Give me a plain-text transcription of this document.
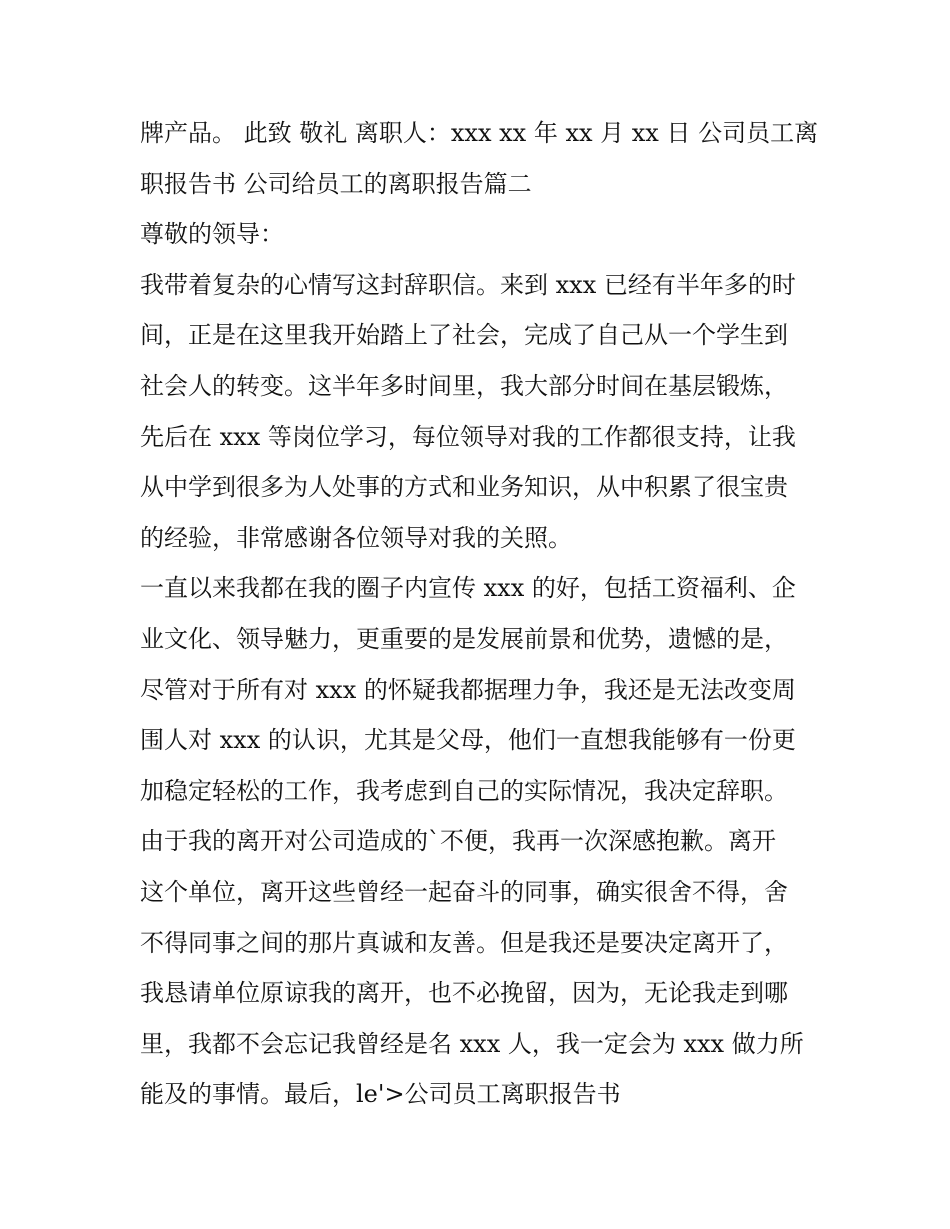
牌产品。 此致 敬礼 离职人：xxx xx 年 xx 月 xx 日 公司员工离
职报告书 公司给员工的离职报告篇二
尊敬的领导：
我带着复杂的心情写这封辞职信。来到 xxx 已经有半年多的时
间，正是在这里我开始踏上了社会，完成了自己从一个学生到
社会人的转变。这半年多时间里，我大部分时间在基层锻炼，
先后在 xxx 等岗位学习，每位领导对我的工作都很支持，让我
从中学到很多为人处事的方式和业务知识，从中积累了很宝贵
的经验，非常感谢各位领导对我的关照。
一直以来我都在我的圈子内宣传 xxx 的好，包括工资福利、企
业文化、领导魅力，更重要的是发展前景和优势，遗憾的是，
尽管对于所有对 xxx 的怀疑我都据理力争，我还是无法改变周
围人对 xxx 的认识，尤其是父母，他们一直想我能够有一份更
加稳定轻松的工作，我考虑到自己的实际情况，我决定辞职。
由于我的离开对公司造成的`不便，我再一次深感抱歉。离开
这个单位，离开这些曾经一起奋斗的同事，确实很舍不得，舍
不得同事之间的那片真诚和友善。但是我还是要决定离开了，
我恳请单位原谅我的离开，也不必挽留，因为，无论我走到哪
里，我都不会忘记我曾经是名 xxx 人，我一定会为 xxx 做力所
能及的事情。最后，le'>公司员工离职报告书
